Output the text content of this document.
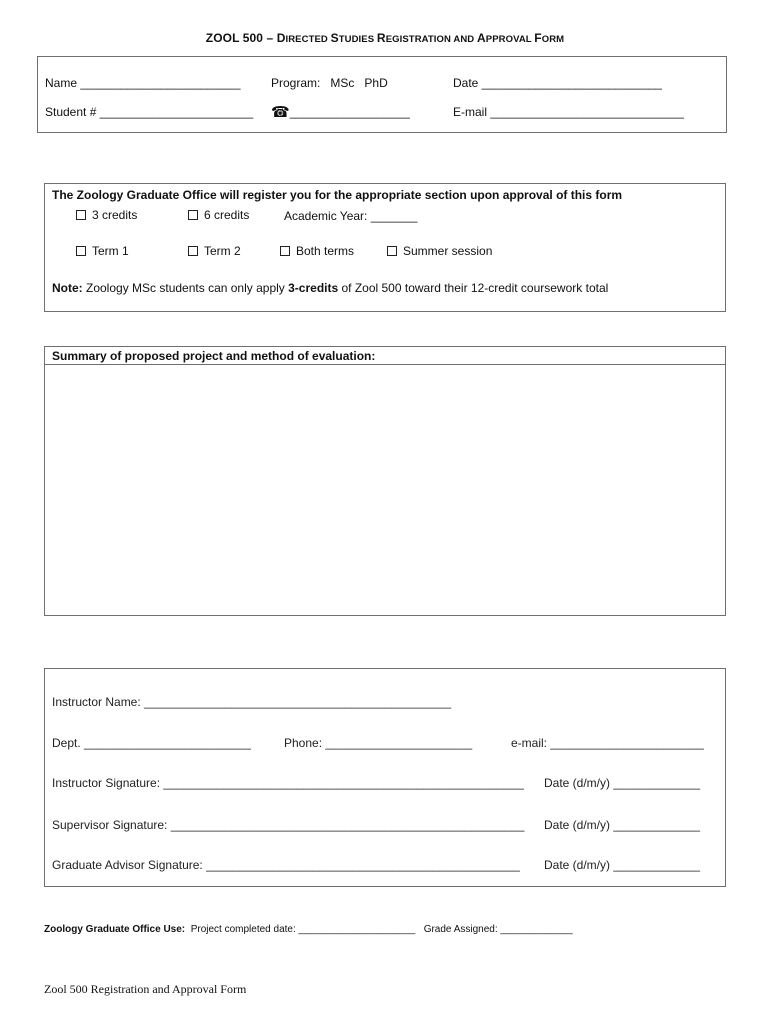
ZOOL 500 – DIRECTED STUDIES REGISTRATION AND APPROVAL FORM
Name ________________________	Program: MSc PhD	Date ___________________________
Student # _______________________ ☎__________________	E-mail _____________________________
The Zoology Graduate Office will register you for the appropriate section upon approval of this form
3 credits	6 credits	Academic Year: _______
Term 1	Term 2	Both terms	Summer session
Note: Zoology MSc students can only apply 3-credits of Zool 500 toward their 12-credit coursework total
Summary of proposed project and method of evaluation:
Instructor Name: ______________________________________________
Dept. _________________________	Phone: ______________________	e-mail: _______________________
Instructor Signature: ______________________________________________________ Date (d/m/y) _____________
Supervisor Signature: _____________________________________________________ Date (d/m/y) _____________
Graduate Advisor Signature: _______________________________________________ Date (d/m/y) _____________
Zoology Graduate Office Use: Project completed date: _____________________ Grade Assigned: _____________
Zool 500 Registration and Approval Form
